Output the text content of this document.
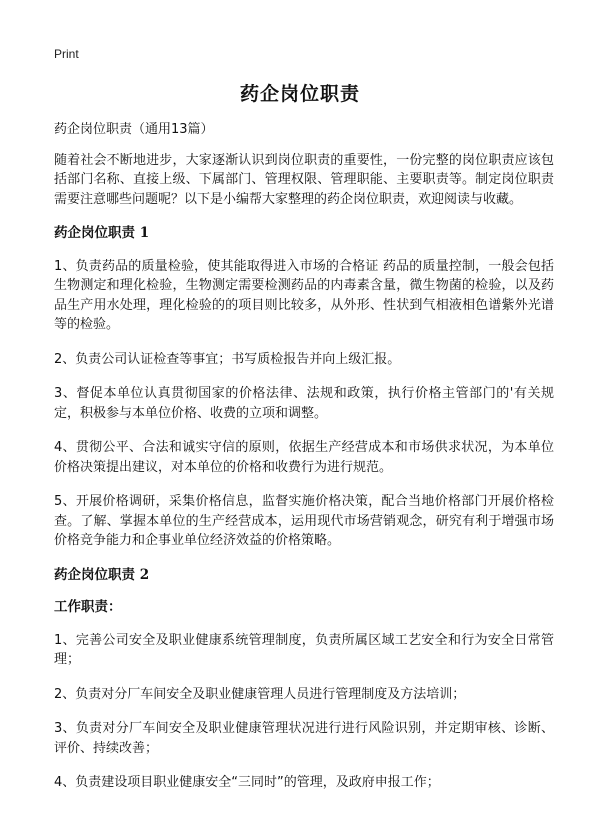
Print
药企岗位职责

药企岗位职责（通用13篇）

随着社会不断地进步，大家逐渐认识到岗位职责的重要性，一份完整的岗位职责应该包括部门名称、直接上级、下属部门、管理权限、管理职能、主要职责等。制定岗位职责需要注意哪些问题呢？以下是小编帮大家整理的药企岗位职责，欢迎阅读与收藏。

药企岗位职责 1

1、负责药品的质量检验，使其能取得进入市场的合格证 药品的质量控制，一般会包括生物测定和理化检验，生物测定需要检测药品的内毒素含量，微生物菌的检验，以及药品生产用水处理，理化检验的的项目则比较多，从外形、性状到气相液相色谱紫外光谱等的检验。

2、负责公司认证检查等事宜；书写质检报告并向上级汇报。

3、督促本单位认真贯彻国家的价格法律、法规和政策，执行价格主管部门的'有关规定，积极参与本单位价格、收费的立项和调整。

4、贯彻公平、合法和诚实守信的原则，依据生产经营成本和市场供求状况，为本单位价格决策提出建议，对本单位的价格和收费行为进行规范。

5、开展价格调研，采集价格信息，监督实施价格决策，配合当地价格部门开展价格检查。了解、掌握本单位的生产经营成本，运用现代市场营销观念，研究有利于增强市场价格竞争能力和企事业单位经济效益的价格策略。

药企岗位职责 2
工作职责：

1、完善公司安全及职业健康系统管理制度，负责所属区域工艺安全和行为安全日常管理；

2、负责对分厂车间安全及职业健康管理人员进行管理制度及方法培训；

3、负责对分厂车间安全及职业健康管理状况进行进行风险识别，并定期审核、诊断、评价、持续改善；

4、负责建设项目职业健康安全“三同时”的管理，及政府申报工作；
